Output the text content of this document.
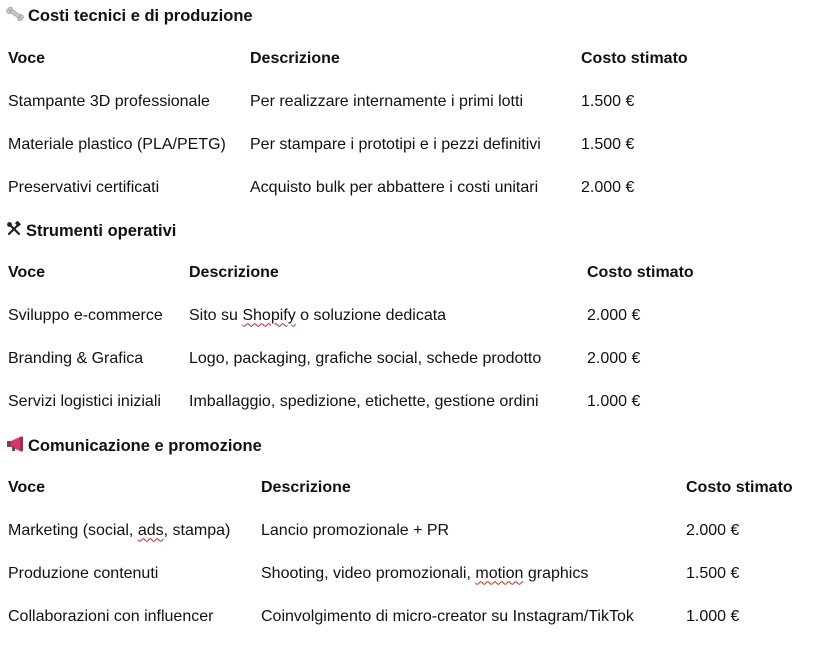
Costi tecnici e di produzione
Voce	Descrizione	Costo stimato
Stampante 3D professionale	Per realizzare internamente i primi lotti	1.500 €
Materiale plastico (PLA/PETG)	Per stampare i prototipi e i pezzi definitivi	1.500 €
Preservativi certificati	Acquisto bulk per abbattere i costi unitari	2.000 €
Strumenti operativi
Voce	Descrizione	Costo stimato
Sviluppo e-commerce	Sito su Shopify o soluzione dedicata	2.000 €
Branding & Grafica	Logo, packaging, grafiche social, schede prodotto	2.000 €
Servizi logistici iniziali	Imballaggio, spedizione, etichette, gestione ordini	1.000 €
Comunicazione e promozione
Voce	Descrizione	Costo stimato
Marketing (social, ads, stampa)	Lancio promozionale + PR	2.000 €
Produzione contenuti	Shooting, video promozionali, motion graphics	1.500 €
Collaborazioni con influencer	Coinvolgimento di micro-creator su Instagram/TikTok	1.000 €
